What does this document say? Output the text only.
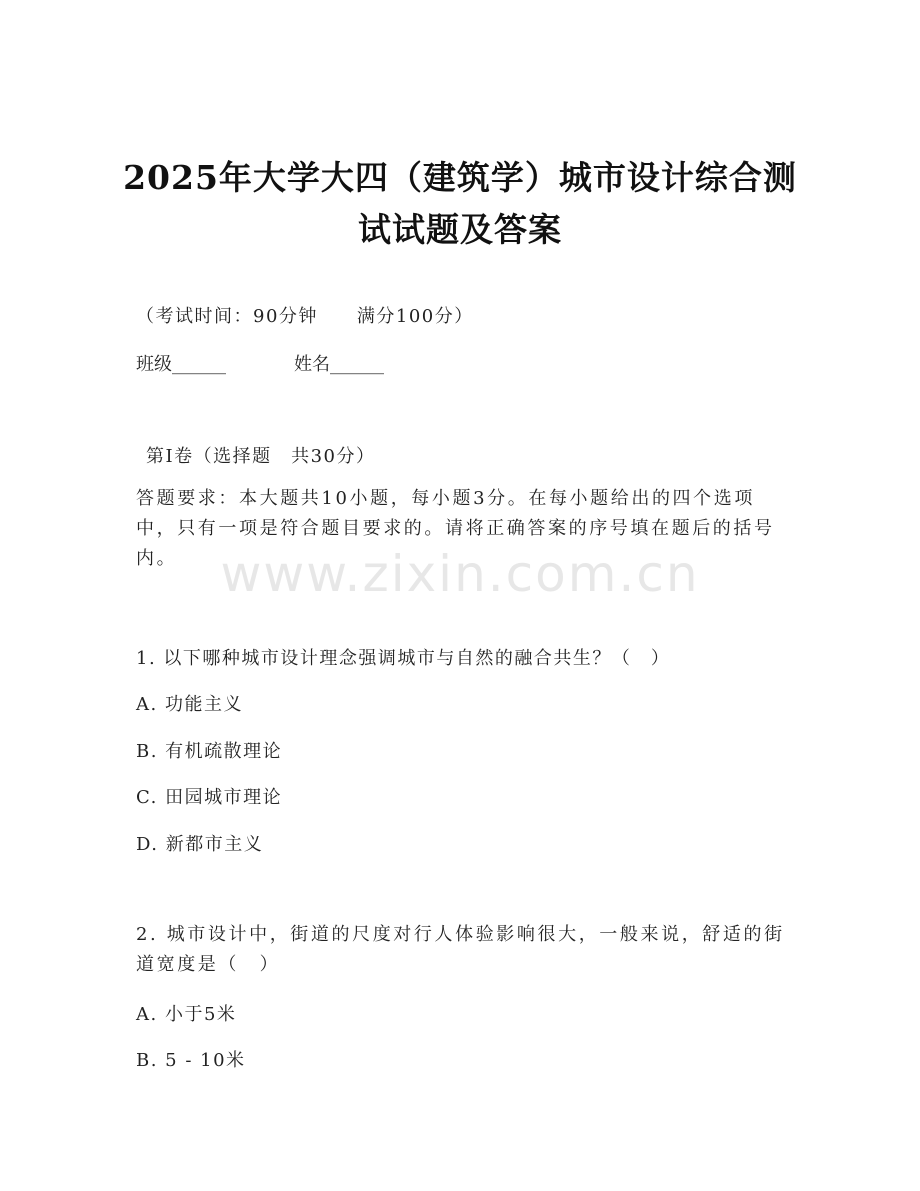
2025年大学大四（建筑学）城市设计综合测
试试题及答案
（考试时间：90分钟　　满分100分）
班级______	姓名______
第I卷（选择题　共30分）
答题要求：本大题共10小题，每小题3分。在每小题给出的四个选项中，只有一项是符合题目要求的。请将正确答案的序号填在题后的括号内。 www.zixin.com.cn
1. 以下哪种城市设计理念强调城市与自然的融合共生？（　）
A. 功能主义
B. 有机疏散理论
C. 田园城市理论
D. 新都市主义
2. 城市设计中，街道的尺度对行人体验影响很大，一般来说，舒适的街道宽度是（　）
A. 小于5米
B. 5 - 10米
